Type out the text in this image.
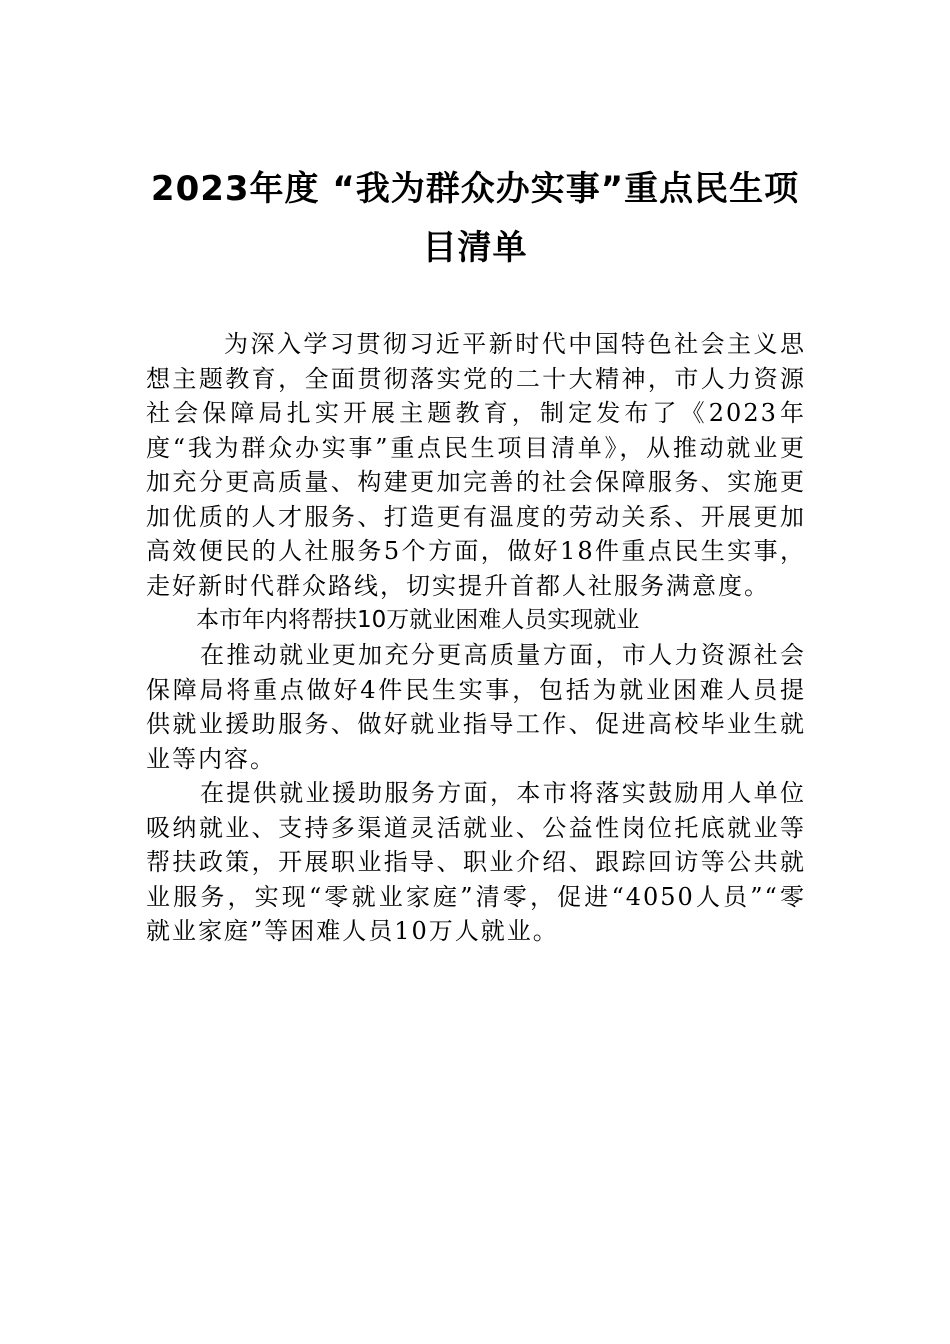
2023年度 “我为群众办实事”重点民生项目清单

为深入学习贯彻习近平新时代中国特色社会主义思想主题教育，全面贯彻落实党的二十大精神，市人力资源社会保障局扎实开展主题教育，制定发布了《2023年度“我为群众办实事”重点民生项目清单》，从推动就业更加充分更高质量、构建更加完善的社会保障服务、实施更加优质的人才服务、打造更有温度的劳动关系、开展更加高效便民的人社服务5个方面，做好18件重点民生实事，走好新时代群众路线，切实提升首都人社服务满意度。

本市年内将帮扶10万就业困难人员实现就业

在推动就业更加充分更高质量方面，市人力资源社会保障局将重点做好4件民生实事，包括为就业困难人员提供就业援助服务、做好就业指导工作、促进高校毕业生就业等内容。

在提供就业援助服务方面，本市将落实鼓励用人单位吸纳就业、支持多渠道灵活就业、公益性岗位托底就业等帮扶政策，开展职业指导、职业介绍、跟踪回访等公共就业服务，实现“零就业家庭”清零，促进“4050人员”“零就业家庭”等困难人员10万人就业。
